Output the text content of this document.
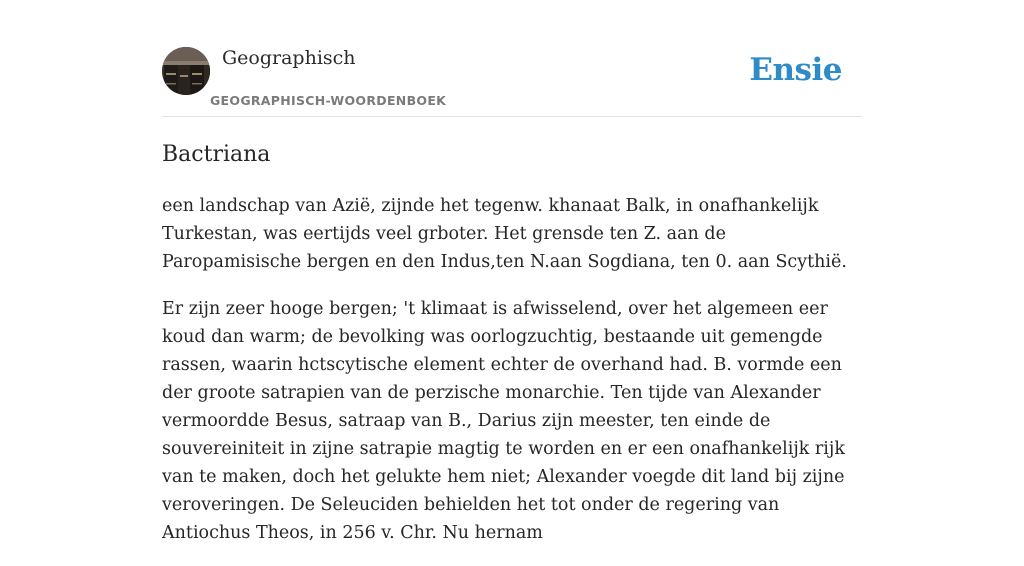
Geographisch
GEOGRAPHISCH-WOORDENBOEK
Ensie
Bactriana

een landschap van Azië, zijnde het tegenw. khanaat Balk, in onafhankelijk Turkestan, was eertijds veel grboter. Het grensde ten Z. aan de Paropamisische bergen en den Indus,ten N.aan Sogdiana, ten 0. aan Scythië.

Er zijn zeer hooge bergen; 't klimaat is afwisselend, over het algemeen eer koud dan warm; de bevolking was oorlogzuchtig, bestaande uit gemengde rassen, waarin hctscytische element echter de overhand had. B. vormde een der groote satrapien van de perzische monarchie. Ten tijde van Alexander vermoordde Besus, satraap van B., Darius zijn meester, ten einde de souvereiniteit in zijne satrapie magtig te worden en er een onafhankelijk rijk van te maken, doch het gelukte hem niet; Alexander voegde dit land bij zijne veroveringen. De Seleuciden behielden het tot onder de regering van Antiochus Theos, in 256 v. Chr. Nu hernam
